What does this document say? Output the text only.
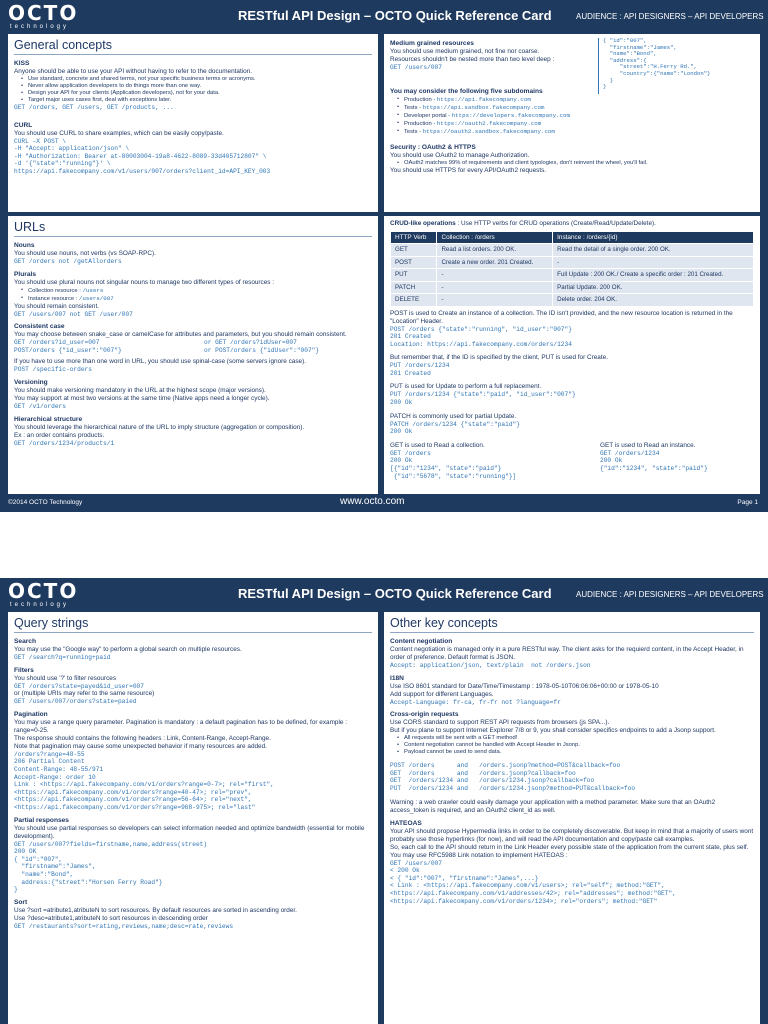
OCTO
technology
RESTful API Design – OCTO Quick Reference Card	AUDIENCE : API DESIGNERS – API DEVELOPERS
General concepts
KISS
Anyone should be able to use your API without having to refer to the documentation.
• Use standard, concrete and shared terms, not your specific business terms or acronyms.
• Never allow application developers to do things more than one way.
• Design your API for your clients (Application developers), not for your data.
• Target major uses cases first, deal with exceptions later.
GET /orders, GET /users, GET /products, ...
CURL
You should use CURL to share examples, which can be easily copy/paste.
CURL –X POST \
-H "Accept: application/json" \
-H "Authorization: Bearer at-80003004-19a8-4622-8089-33d405712807" \
-d '{"state":"running"}' \
https://api.fakecompany.com/v1/users/007/orders?client_id=API_KEY_003
Medium grained resources
You should use medium grained, not fine nor coarse.
Resources shouldn't be nested more than two level deep :
GET /users/007
{ "id":"007",
"firstname":"James",
"name":"Bond",
"address":{
"street":"H.Ferry Rd.",
"country":{"name":"London"}
}
}
You may consider the following five subdomains
• Production - https://api.fakecompany.com
• Tests - https://api.sandbox.fakecompany.com
• Developer portal - https://developers.fakecompany.com
• Production - https://oauth2.fakecompany.com
• Tests - https://oauth2.sandbox.fakecompany.com
Security : OAuth2 & HTTPS
You should use OAuth2 to manage Authorization.
• OAuth2 matches 99% of requirements and client typologies, don't reinvent the wheel, you'll fail.
You should use HTTPS for every API/OAuth2 requests.
URLs
Nouns
You should use nouns, not verbs (vs SOAP-RPC).
GET /orders not /getAllorders
Plurals
You should use plural nouns not singular nouns to manage two different types of resources :
• Collection resource : /users
• Instance resource : /users/007
You should remain consistent.
GET /users/007 not GET /user/007
Consistent case
You may choose between snake_case or camelCase for attributes and parameters, but you should remain consistent.
GET /orders?id_user=007
POST/orders {"id_user":"007"}
or GET /orders?idUser=007
or POST/orders {"idUser":"007"}
If you have to use more than one word in URL, you should use spinal-case (some servers ignore case).
POST /specific-orders
Versioning
You should make versioning mandatory in the URL at the highest scope (major versions).
You may support at most two versions at the same time (Native apps need a longer cycle).
GET /v1/orders
Hierarchical structure
You should leverage the hierarchical nature of the URL to imply structure (aggregation or composition).
Ex : an order contains products.
GET /orders/1234/products/1
CRUD-like operations : Use HTTP verbs for CRUD operations (Create/Read/Update/Delete).
HTTP Verb	Collection : /orders	Instance : /orders/{id}
GET	Read a list orders. 200 OK.	Read the detail of a single order. 200 OK.
POST	Create a new order. 201 Created.	-
PUT	-	Full Update : 200 OK./ Create a specific order : 201 Created.
PATCH	-	Partial Update. 200 OK.
DELETE	-	Delete order. 204 OK.
POST is used to Create an instance of a collection. The ID isn't provided, and the new resource location is returned in the "Location" Header.
POST /orders {"state":"running", "id_user":"007"}
201 Created
Location: https://api.fakecompany.com/orders/1234
But remember that, if the ID is specified by the client, PUT is used for Create.
PUT /orders/1234
201 Created
PUT is used for Update to perform a full replacement.
PUT /orders/1234 {"state":"paid", "id_user":"007"}
200 Ok
PATCH is commonly used for partial Update.
PATCH /orders/1234 {"state":"paid"}
200 Ok
GET is used to Read a collection.
GET /orders
200 Ok
[{"id":"1234", "state":"paid"}
{"id":"5678", "state":"running"}]
GET is used to Read an instance.
GET /orders/1234
200 Ok
{"id":"1234", "state":"paid"}
©2014 OCTO Technology	www.octo.com	Page 1
OCTO
technology
RESTful API Design – OCTO Quick Reference Card	AUDIENCE : API DESIGNERS – API DEVELOPERS
Query strings
Search
You may use the "Google way" to perform a global search on multiple resources.
GET /search?q=running+paid
Filters
You should use '?' to filter resources
GET /orders?state=payed&id_user=007
or (multiple URIs may refer to the same resource)
GET /users/007/orders?state=paied
Pagination
You may use a range query parameter. Pagination is mandatory : a default pagination has to be defined, for example : range=0-25.
The response should contains the following headers : Link, Content-Range, Accept-Range.
Note that pagination may cause some unexpected behavior if many resources are added.
/orders?range=48-55
206 Partial Content
Content-Range: 48-55/971
Accept-Range: order 10
Link : <https://api.fakecompany.com/v1/orders?range=0-7>; rel="first",
<https://api.fakecompany.com/v1/orders?range=40-47>; rel="prev",
<https://api.fakecompany.com/v1/orders?range=56-64>; rel="next",
<https://api.fakecompany.com/v1/orders?range=968-975>; rel="last"
Partial responses
You should use partial responses so developers can select information needed and optimize bandwidth (essential for mobile development).
GET /users/007?fields=firstname,name,address(street)
200 OK
{ "id":"007",
"firstname":"James",
"name":"Bond",
address:{"street":"Horsen Ferry Road"}
}
Sort
Use ?sort =atribute1,atributeN to sort resources. By default resources are sorted in ascending order.
Use ?desc=atribute1,atributeN to sort resources in descending order
GET /restaurants?sort=rating,reviews,name;desc=rate,reviews
Other key concepts
Content negotiation
Content negotiation is managed only in a pure RESTful way. The client asks for the requierd content, in the Accept Header, in order of preference. Default format is JSON.
Accept: application/json, text/plain  not /orders.json
I18N
Use ISO 8601 standard for Date/Time/Timestamp : 1978-05-10T06:06:06+00:00 or 1978-05-10
Add support for different Languages.
Accept-Language: fr-ca, fr-fr not ?language=fr
Cross-origin requests
Use CORS standard to support REST API requests from browsers (js SPA...).
But if you plane to support Internet Explorer 7/8 or 9, you shall consider specifics endpoints to add a Jsonp support.
• All requests will be sent with a GET method!
• Content negotiation cannot be handled with Accept Header in Jsonp.
• Payload cannot be used to send data.
POST /orders      and   /orders.jsonp?method=POST&callback=foo
GET  /orders      and   /orders.jsonp?callback=foo
GET  /orders/1234 and   /orders/1234.jsonp?callback=foo
PUT  /orders/1234 and   /orders/1234.jsonp?method=PUT&callback=foo
Warning : a web crawler could easily damage your application with a method parameter. Make sure that an OAuth2 access_token is required, and an OAuth2 client_id as well.
HATEOAS
Your API should propose Hypermedia links in order to be completely discoverable. But keep in mind that a majority of users wont probably use those hyperlinks (for now), and will read the API documentation and copy/paste call examples.
So, each call to the API should return in the Link Header every possible state of the application from the current state, plus self.
You may use RFC5988 Link notation to implement HATEOAS :
GET /users/007
< 200 Ok
< { "id":"007", "firstname":"James",...}
< Link : <https://api.fakecompany.com/v1/users>; rel="self"; method:"GET",
<https://api.fakecompany.com/v1/addresses/42>; rel="addresses"; method:"GET",
<https://api.fakecompany.com/v1/orders/1234>; rel="orders"; method:"GET"
